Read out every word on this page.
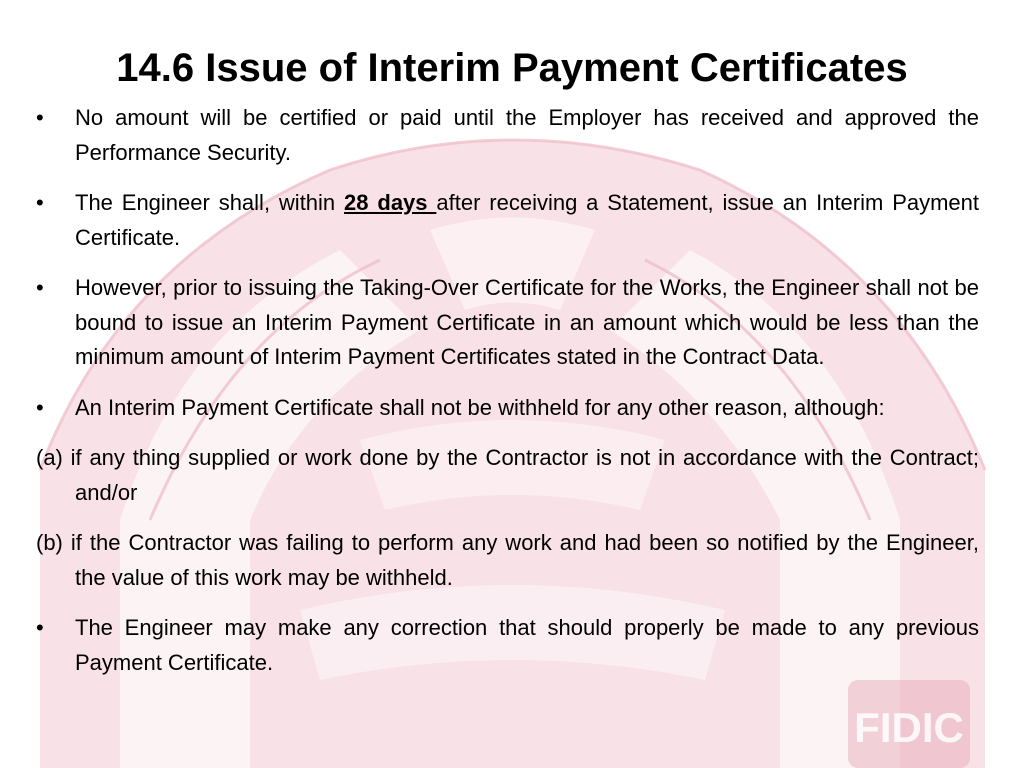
FIDIC
14.6 Issue of Interim Payment Certificates
• No amount will be certified or paid until the Employer has received and approved the Performance Security.
• The Engineer shall, within 28 days after receiving a Statement, issue an Interim Payment Certificate.
• However, prior to issuing the Taking-Over Certificate for the Works, the Engineer shall not be bound to issue an Interim Payment Certificate in an amount which would be less than the minimum amount of Interim Payment Certificates stated in the Contract Data.
• An Interim Payment Certificate shall not be withheld for any other reason, although:
(a) if any thing supplied or work done by the Contractor is not in accordance with the Contract; and/or
(b) if the Contractor was failing to perform any work and had been so notified by the Engineer, the value of this work may be withheld.
• The Engineer may make any correction that should properly be made to any previous Payment Certificate.
